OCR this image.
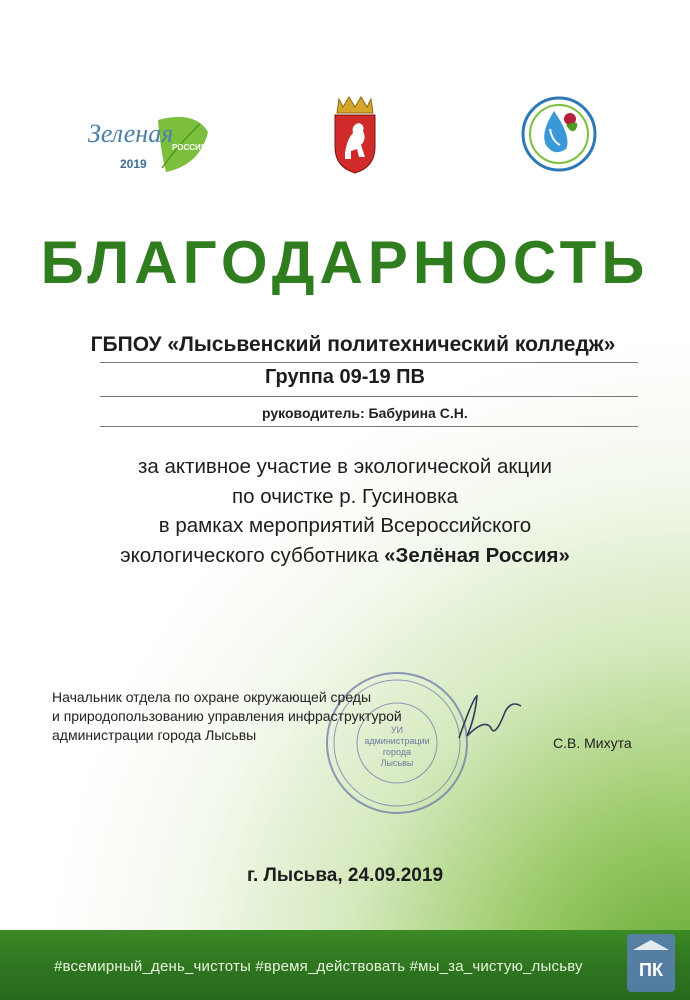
Зеленая
РОССИЯ
2019
БЛАГОДАРНОСТЬ
ГБПОУ «Лысьвенский политехнический колледж»
Группа 09-19 ПВ
руководитель: Бабурина С.Н.
за активное участие в экологической акции
по очистке р. Гусиновка
в рамках мероприятий Всероссийского
экологического субботника «Зелёная Россия»
УИ
администрации
города
Лысьвы
Начальник отдела по охране окружающей среды
и природопользованию управления инфраструктурой
администрации города Лысьвы	С.В. Михута
г. Лысьва, 24.09.2019
#всемирный_день_чистоты #время_действовать #мы_за_чистую_лысьву	ПК
